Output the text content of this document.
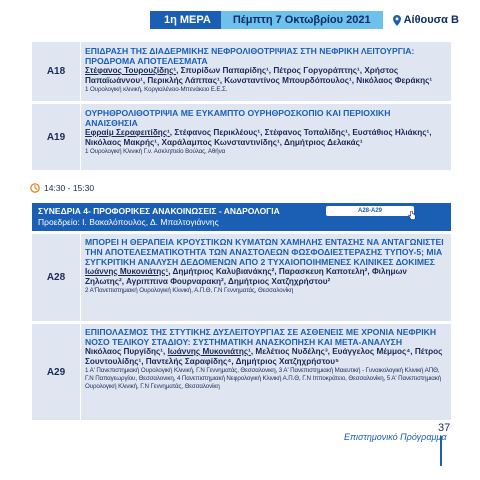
1η ΜΕΡΑ	Πέμπτη 7 Οκτωβρίου 2021	Αίθουσα Β
A18
ΕΠΙΔΡΑΣΗ ΤΗΣ ΔΙΑΔΕΡΜΙΚΗΣ ΝΕΦΡΟΛΙΘΟΤΡΙΨΙΑΣ ΣΤΗ ΝΕΦΡΙΚΗ ΛΕΙΤΟΥΡΓΙΑ: ΠΡΟΔΡΟΜΑ ΑΠΟΤΕΛΕΣΜΑΤΑ
Στέφανος Τουρουζίδης¹, Σπυρίδων Παπαρίδης¹, Πέτρος Γοργοράπτης¹, Χρήστος Παπαϊωάννου¹, Περικλής Λάππας¹, Κωνσταντίνος Μπουρδόπουλος¹, Νικόλαος Φεράκης¹
1 Ουρολογική κλινική, Κοργιαλένειο-Μπενάκειο Ε.Ε.Σ.
A19
ΟΥΡΗΘΡΟΛΙΘΟΤΡΙΨΙΑ ΜΕ ΕΥΚΑΜΠΤΟ ΟΥΡΗΘΡΟΣΚΟΠΙΟ ΚΑΙ ΠΕΡΙΟΧΙΚΗ ΑΝΑΙΣΘΗΣΙΑ
Εφραίμ Σεραφειτίδης¹, Στέφανος Περικλέους¹, Στέφανος Τοπαλίδης¹, Ευστάθιος Ηλιάκης¹, Νικόλαος Μακρής¹, Χαράλαμπος Κωνσταντινίδης¹, Δημήτριος Δελακάς¹
1 Ουρολογική Κλινική Γ.ν. Ασκληπιείο Βούλας, Αθήνα
14:30 - 15:30
ΣΥΝΕΔΡΙΑ 4- ΠΡΟΦΟΡΙΚΕΣ ΑΝΑΚΟΙΝΩΣΕΙΣ - ΑΝΔΡΟΛΟΓΙΑ
Προεδρείο: Ι. Βακαλόπουλος, Δ. Μπαλτογιάννης
A28-A29
A28
ΜΠΟΡΕΙ Η ΘΕΡΑΠΕΙΑ ΚΡΟΥΣΤΙΚΩΝ ΚΥΜΑΤΩΝ ΧΑΜΗΛΗΣ ΕΝΤΑΣΗΣ ΝΑ ΑΝΤΑΓΩΝΙΣΤΕΙ ΤΗΝ ΑΠΟΤΕΛΕΣΜΑΤΙΚΟΤΗΤΑ ΤΩΝ ΑΝΑΣΤΟΛΕΩΝ ΦΩΣΦΟΔΙΕΣΤΕΡΑΣΗΣ ΤΥΠΟΥ-5; ΜΙΑ ΣΥΓΚΡΙΤΙΚΗ ΑΝΑΛΥΣΗ ΔΕΔΟΜΕΝΩΝ ΑΠΟ 2 ΤΥΧΑΙΟΠΟΙΗΜΕΝΕΣ ΚΛΙΝΙΚΕΣ ΔΟΚΙΜΕΣ
Ιωάννης Μυκονιάτης¹, Δημήτριος Καλυβιανάκης², Παρασκευη Καποτελη², Φιλημων Ζηλωτης², Αγριππινα Φουρναρακη², Δημήτριος Χατζηχρήστου²
2 Α'Πανεπιστημιακή Ουρολογική Κλινική, Α.Π.Θ, Γ.Ν Γεννηματάς, Θεσσαλονίκη
A29
ΕΠΙΠΟΛΑΣΜΟΣ ΤΗΣ ΣΤΥΤΙΚΗΣ ΔΥΣΛΕΙΤΟΥΡΓΙΑΣ ΣΕ ΑΣΘΕΝΕΙΣ ΜΕ ΧΡΟΝΙΑ ΝΕΦΡΙΚΗ ΝΟΣΟ ΤΕΛΙΚΟΥ ΣΤΑΔΙΟΥ: ΣΥΣΤΗΜΑΤΙΚΗ ΑΝΑΣΚΟΠΗΣΗ ΚΑΙ ΜΕΤΑ-ΑΝΑΛΥΣΗ
Νικόλαος Πυργίδης¹, Ιωάννης Μυκονιάτης¹, Μελέτιος Νυδέλης³, Ευάγγελος Μέμμος⁴, Πέτρος Σουντουλίδης¹, Παντελής Σαραφίδης⁴, Δημήτριος Χατζηχρήστου⁵
1 Α' Πανεπιστημιακή Ουρολογική Κλινική, Γ.Ν Γεννηματάς, Θεσσαλονικη, 3 Α' Πανεπιστημιακή Μαιευτική - Γυναικολογική Κλινική ΑΠΘ, Γ.Ν Παπαγεωργίου, Θεσσαλονικη, 4 Πανεπιστημιακή Νεφρολογική Κλινική Α.Π.Θ, Γ.Ν Ιπποκράτειο, Θεσσαλονίκη, 5 Α' Πανεπιστημιακή Ουρολογική Κλινική, Γ.Ν Γεννηματάς, Θεσσαλονίκη
37
Επιστημονικό Πρόγραμμα
